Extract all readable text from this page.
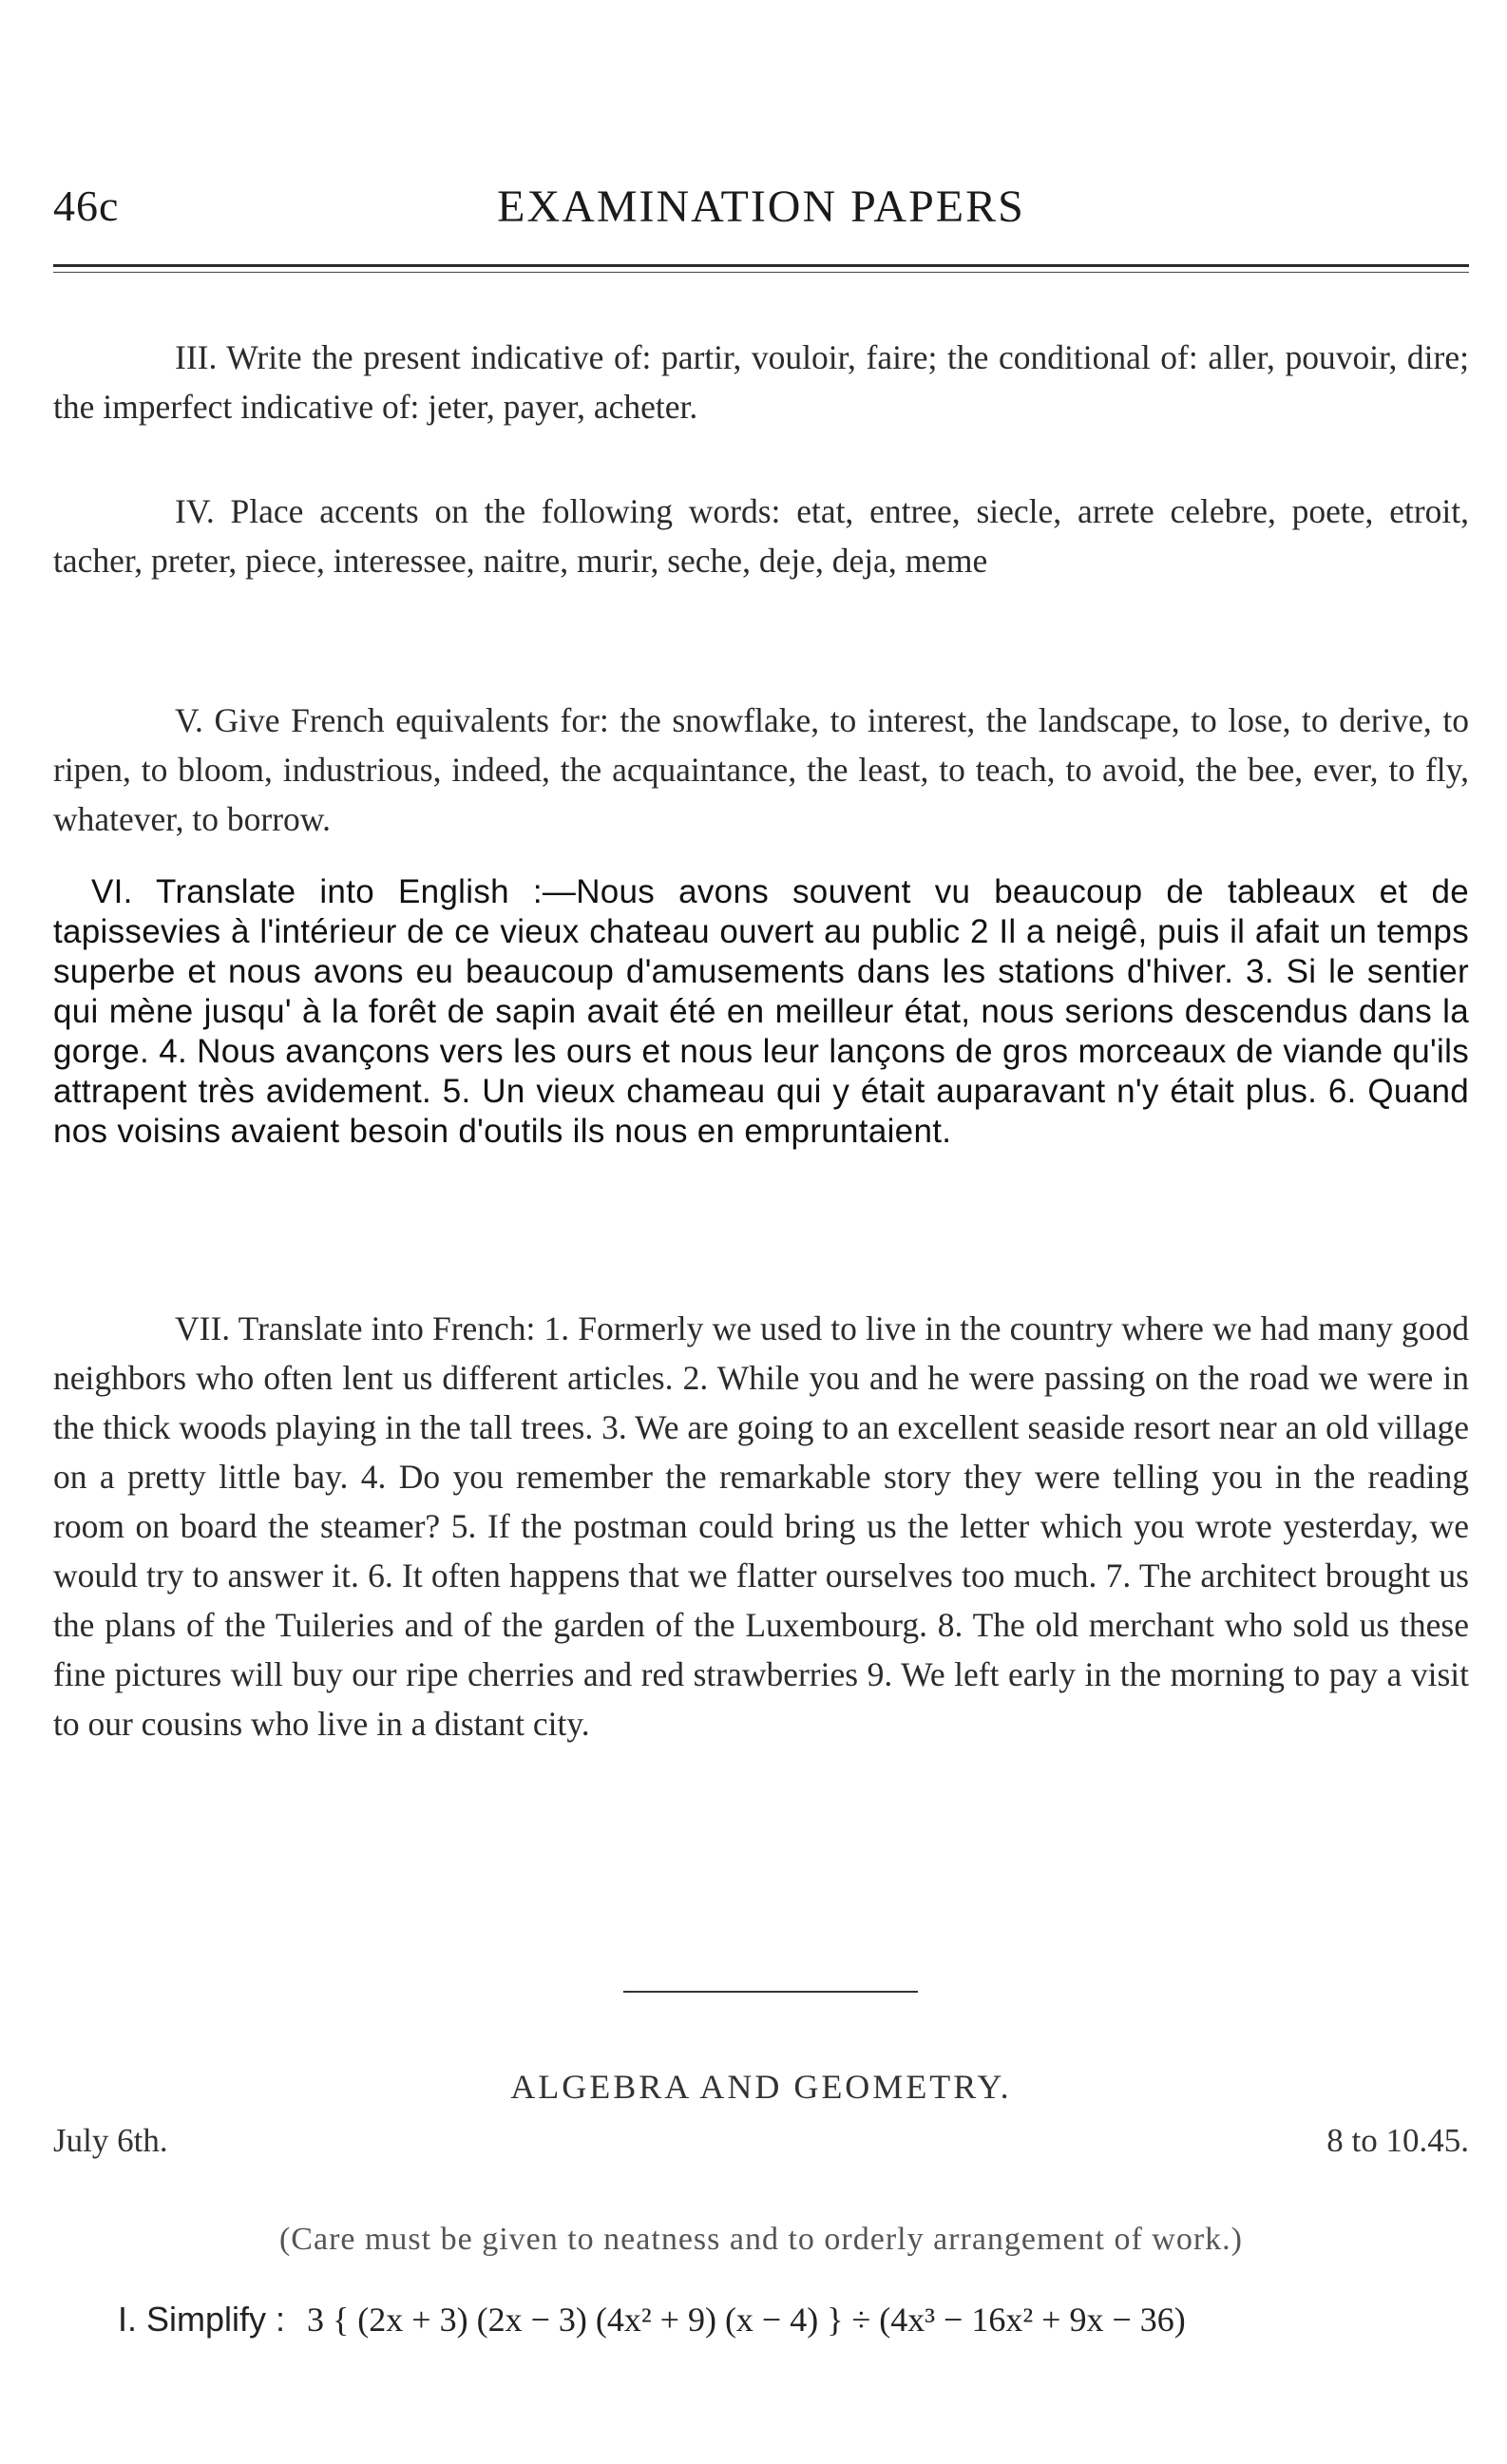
46c	EXAMINATION PAPERS
III. Write the present indicative of: partir, vouloir, faire; the conditional of: aller, pouvoir, dire; the imperfect indicative of: jeter, payer, acheter.
IV. Place accents on the following words: etat, entree, siecle, arrete celebre, poete, etroit, tacher, preter, piece, interessee, naitre, murir, seche, deje, deja, meme
V. Give French equivalents for: the snowflake, to interest, the landscape, to lose, to derive, to ripen, to bloom, industrious, indeed, the acquaintance, the least, to teach, to avoid, the bee, ever, to fly, whatever, to borrow.
VI. Translate into English :—Nous avons souvent vu beaucoup de tableaux et de tapissevies à l'intérieur de ce vieux chateau ouvert au public 2 Il a neigê, puis il afait un temps superbe et nous avons eu beaucoup d'amusements dans les stations d'hiver. 3. Si le sentier qui mène jusqu' à la forêt de sapin avait été en meilleur état, nous serions descendus dans la gorge. 4. Nous avançons vers les ours et nous leur lançons de gros morceaux de viande qu'ils attrapent très avidement. 5. Un vieux chameau qui y était auparavant n'y était plus. 6. Quand nos voisins avaient besoin d'outils ils nous en empruntaient.
VII. Translate into French: 1. Formerly we used to live in the country where we had many good neighbors who often lent us different articles. 2. While you and he were passing on the road we were in the thick woods playing in the tall trees. 3. We are going to an excellent seaside resort near an old village on a pretty little bay. 4. Do you remember the remarkable story they were telling you in the reading room on board the steamer? 5. If the postman could bring us the letter which you wrote yesterday, we would try to answer it. 6. It often happens that we flatter ourselves too much. 7. The architect brought us the plans of the Tuileries and of the garden of the Luxembourg. 8. The old merchant who sold us these fine pictures will buy our ripe cherries and red strawberries 9. We left early in the morning to pay a visit to our cousins who live in a distant city.
ALGEBRA AND GEOMETRY.
July 6th.	8 to 10.45.
(Care must be given to neatness and to orderly arrangement of work.)
I. Simplify : 3 { (2x + 3) (2x − 3) (4x² + 9) (x − 4) } ÷ (4x³ − 16x² + 9x − 36)
